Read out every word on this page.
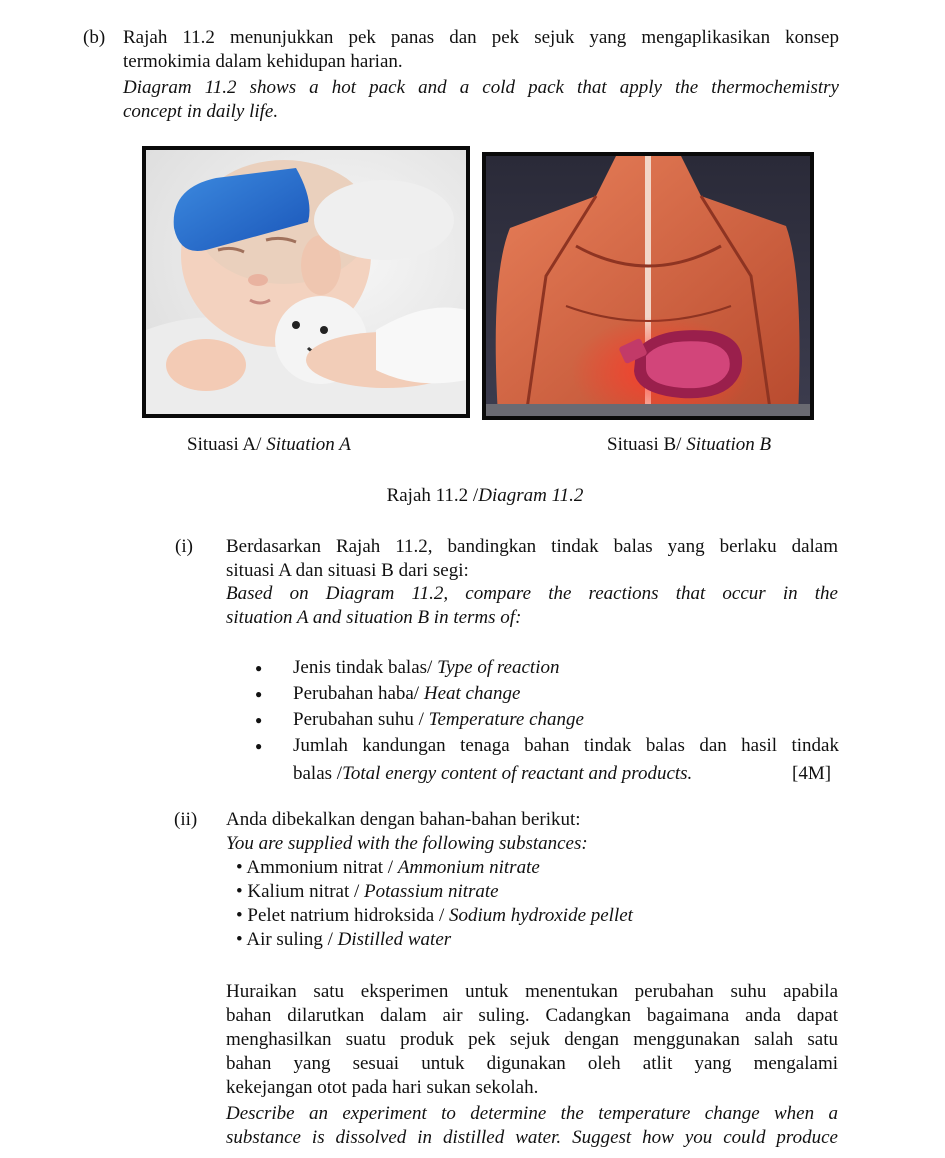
(b) Rajah 11.2 menunjukkan pek panas dan pek sejuk yang mengaplikasikan konsep
termokimia dalam kehidupan harian.
Diagram 11.2 shows a hot pack and a cold pack that apply the thermochemistry
concept in daily life.
Situasi A/ Situation A	Situasi B/ Situation B
Rajah 11.2 /Diagram 11.2
(i) Berdasarkan Rajah 11.2, bandingkan tindak balas yang berlaku dalam
situasi A dan situasi B dari segi:
Based on Diagram 11.2, compare the reactions that occur in the
situation A and situation B in terms of:
● Jenis tindak balas/ Type of reaction
● Perubahan haba/ Heat change
● Perubahan suhu / Temperature change
● Jumlah kandungan tenaga bahan tindak balas dan hasil tindak
balas /Total energy content of reactant and products.	[4M]
(ii) Anda dibekalkan dengan bahan-bahan berikut:
You are supplied with the following substances:
• Ammonium nitrat / Ammonium nitrate
• Kalium nitrat / Potassium nitrate
• Pelet natrium hidroksida / Sodium hydroxide pellet
• Air suling / Distilled water
Huraikan satu eksperimen untuk menentukan perubahan suhu apabila
bahan dilarutkan dalam air suling. Cadangkan bagaimana anda dapat
menghasilkan suatu produk pek sejuk dengan menggunakan salah satu
bahan yang sesuai untuk digunakan oleh atlit yang mengalami
kekejangan otot pada hari sukan sekolah.
Describe an experiment to determine the temperature change when a
substance is dissolved in distilled water. Suggest how you could produce
